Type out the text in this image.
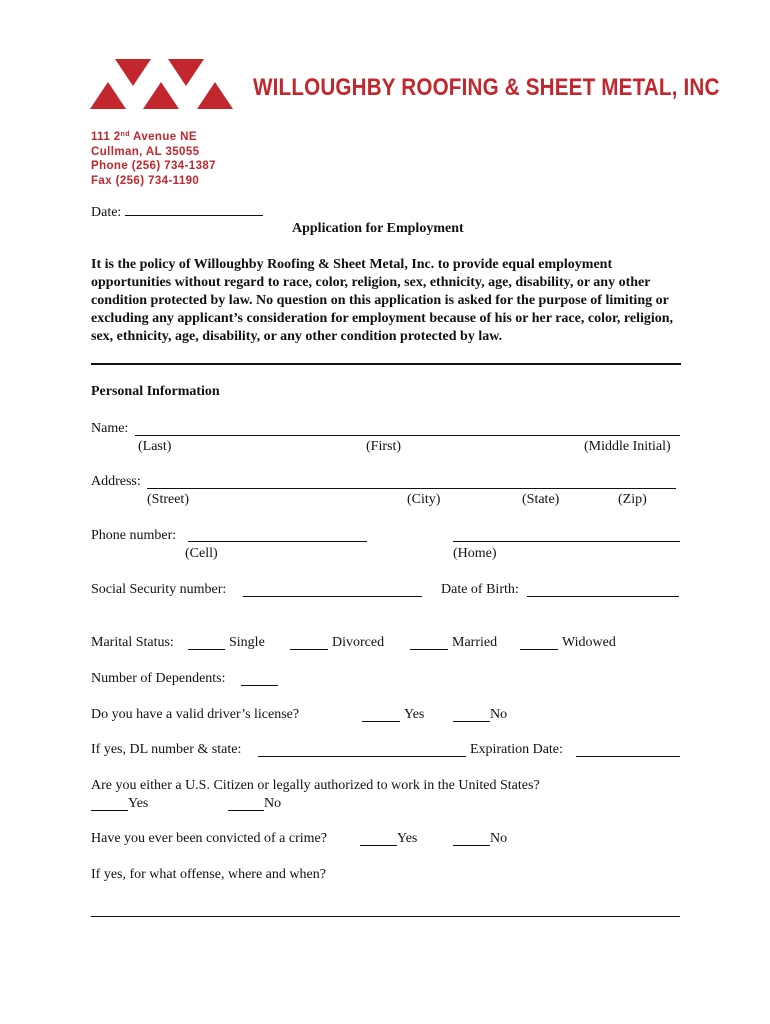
WILLOUGHBY ROOFING & SHEET METAL, INC
111 2nd Avenue NE
Cullman, AL 35055
Phone (256) 734-1387
Fax (256) 734-1190
Date:
Application for Employment
It is the policy of Willoughby Roofing & Sheet Metal, Inc. to provide equal employment opportunities without regard to race, color, religion, sex, ethnicity, age, disability, or any other condition protected by law. No question on this application is asked for the purpose of limiting or excluding any applicant’s consideration for employment because of his or her race, color, religion, sex, ethnicity, age, disability, or any other condition protected by law.
Personal Information
Name:
(Last)	(First)	(Middle Initial)
Address:
(Street)	(City)	(State)	(Zip)
Phone number:
(Cell)	(Home)
Social Security number:	Date of Birth:
Marital Status:	Single	Divorced	Married	Widowed
Number of Dependents:
Do you have a valid driver’s license?	Yes	No
If yes, DL number & state:	Expiration Date:
Are you either a U.S. Citizen or legally authorized to work in the United States?
Yes	No
Have you ever been convicted of a crime?	Yes	No
If yes, for what offense, where and when?
